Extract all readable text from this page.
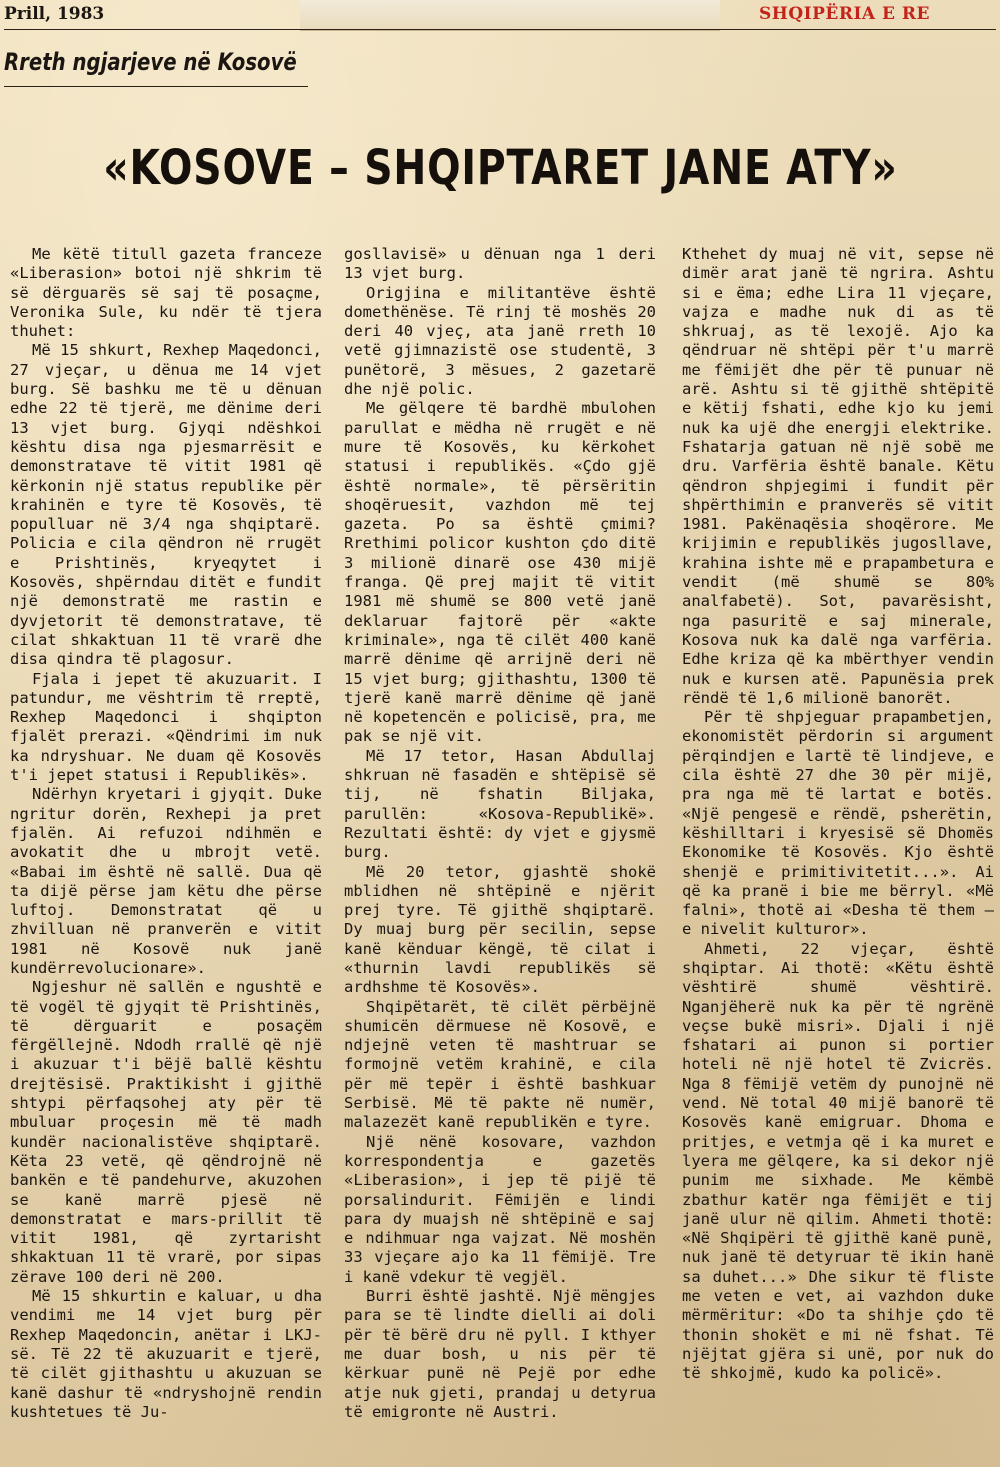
Prill, 1983	SHQIPËRIA E RE
Rreth ngjarjeve në Kosovë
«KOSOVE – SHQIPTARET JANE ATY»

Me këtë titull gazeta franceze «Liberasion» botoi një shkrim të së dërguarës së saj të posaçme, Veronika Sule, ku ndër të tjera thuhet:

Më 15 shkurt, Rexhep Maqedonci, 27 vjeçar, u dënua me 14 vjet burg. Së bashku me të u dënuan edhe 22 të tjerë, me dënime deri 13 vjet burg. Gjyqi ndëshkoi kështu disa nga pjesmarrësit e demonstratave të vitit 1981 që kërkonin një status republike për krahinën e tyre të Kosovës, të populluar në 3/4 nga shqiptarë. Policia e cila qëndron në rrugët e Prishtinës, kryeqytet i Kosovës, shpërndau ditët e fundit një demonstratë me rastin e dyvjetorit të demonstratave, të cilat shkaktuan 11 të vrarë dhe disa qindra të plagosur.

Fjala i jepet të akuzuarit. I patundur, me vështrim të rreptë, Rexhep Maqedonci i shqipton fjalët prerazi. «Qëndrimi im nuk ka ndryshuar. Ne duam që Kosovës t'i jepet statusi i Republikës».

Ndërhyn kryetari i gjyqit. Duke ngritur dorën, Rexhepi ja pret fjalën. Ai refuzoi ndihmën e avokatit dhe u mbrojt vetë. «Babai im është në sallë. Dua që ta dijë përse jam këtu dhe përse luftoj. Demonstratat që u zhvilluan në pranverën e vitit 1981 në Kosovë nuk janë kundërrevolucionare».

Ngjeshur në sallën e ngushtë e të vogël të gjyqit të Prishtinës, të dërguarit e posaçëm fërgëllejnë. Ndodh rrallë që një i akuzuar t'i bëjë ballë kështu drejtësisë. Praktikisht i gjithë shtypi përfaqsohej aty për të mbuluar proçesin më të madh kundër nacionalistëve shqiptarë. Këta 23 vetë, që qëndrojnë në bankën e të pandehurve, akuzohen se kanë marrë pjesë në demonstratat e mars-prillit të vitit 1981, që zyrtarisht shkaktuan 11 të vrarë, por sipas zërave 100 deri në 200.

Më 15 shkurtin e kaluar, u dha vendimi me 14 vjet burg për Rexhep Maqedoncin, anëtar i LKJ-së. Të 22 të akuzuarit e tjerë, të cilët gjithashtu u akuzuan se kanë dashur të «ndryshojnë rendin kushtetues të Ju-

gosllavisë» u dënuan nga 1 deri 13 vjet burg.

Origjina e militantëve është domethënëse. Të rinj të moshës 20 deri 40 vjeç, ata janë rreth 10 vetë gjimnazistë ose studentë, 3 punëtorë, 3 mësues, 2 gazetarë dhe një polic.

Me gëlqere të bardhë mbulohen parullat e mëdha në rrugët e në mure të Kosovës, ku kërkohet statusi i republikës. «Çdo gjë është normale», të përsëritin shoqëruesit, vazhdon më tej gazeta. Po sa është çmimi? Rrethimi policor kushton çdo ditë 3 milionë dinarë ose 430 mijë franga. Që prej majit të vitit 1981 më shumë se 800 vetë janë deklaruar fajtorë për «akte kriminale», nga të cilët 400 kanë marrë dënime që arrijnë deri në 15 vjet burg; gjithashtu, 1300 të tjerë kanë marrë dënime që janë në kopetencën e policisë, pra, me pak se një vit.

Më 17 tetor, Hasan Abdullaj shkruan në fasadën e shtëpisë së tij, në fshatin Biljaka, parullën: «Kosova-Republikë». Rezultati është: dy vjet e gjysmë burg.

Më 20 tetor, gjashtë shokë mblidhen në shtëpinë e njërit prej tyre. Të gjithë shqiptarë. Dy muaj burg për secilin, sepse kanë kënduar këngë, të cilat i «thurnin lavdi republikës së ardhshme të Kosovës».

Shqipëtarët, të cilët përbëjnë shumicën dërmuese në Kosovë, e ndjejnë veten të mashtruar se formojnë vetëm krahinë, e cila për më tepër i është bashkuar Serbisë. Më të pakte në numër, malazezët kanë republikën e tyre.

Një nënë kosovare, vazhdon korrespondentja e gazetës «Liberasion», i jep të pijë të porsalindurit. Fëmijën e lindi para dy muajsh në shtëpinë e saj e ndihmuar nga vajzat. Në moshën 33 vjeçare ajo ka 11 fëmijë. Tre i kanë vdekur të vegjël.

Burri është jashtë. Një mëngjes para se të lindte dielli ai doli për të bërë dru në pyll. I kthyer me duar bosh, u nis për të kërkuar punë në Pejë por edhe atje nuk gjeti, prandaj u detyrua të emigronte në Austri.

Kthehet dy muaj në vit, sepse në dimër arat janë të ngrira. Ashtu si e ëma; edhe Lira 11 vjeçare, vajza e madhe nuk di as të shkruaj, as të lexojë. Ajo ka qëndruar në shtëpi për t'u marrë me fëmijët dhe për të punuar në arë. Ashtu si të gjithë shtëpitë e këtij fshati, edhe kjo ku jemi nuk ka ujë dhe energji elektrike. Fshatarja gatuan në një sobë me dru. Varfëria është banale. Këtu qëndron shpjegimi i fundit për shpërthimin e pranverës së vitit 1981. Pakënaqësia shoqërore. Me krijimin e republikës jugosllave, krahina ishte më e prapambetura e vendit (më shumë se 80% analfabetë). Sot, pavarësisht, nga pasuritë e saj minerale, Kosova nuk ka dalë nga varfëria. Edhe kriza që ka mbërthyer vendin nuk e kursen atë. Papunësia prek rëndë të 1,6 milionë banorët.

Për të shpjeguar prapambetjen, ekonomistët përdorin si argument përqindjen e lartë të lindjeve, e cila është 27 dhe 30 për mijë, pra nga më të lartat e botës. «Një pengesë e rëndë, psherëtin, këshilltari i kryesisë së Dhomës Ekonomike të Kosovës. Kjo është shenjë e primitivitetit...». Ai që ka pranë i bie me bërryl. «Më falni», thotë ai «Desha të them — e nivelit kulturor».

Ahmeti, 22 vjeçar, është shqiptar. Ai thotë: «Këtu është vështirë shumë vështirë. Nganjëherë nuk ka për të ngrënë veçse bukë misri». Djali i një fshatari ai punon si portier hoteli në një hotel të Zvicrës. Nga 8 fëmijë vetëm dy punojnë në vend. Në total 40 mijë banorë të Kosovës kanë emigruar. Dhoma e pritjes, e vetmja që i ka muret e lyera me gëlqere, ka si dekor një punim me sixhade. Me këmbë zbathur katër nga fëmijët e tij janë ulur në qilim. Ahmeti thotë: «Në Shqipëri të gjithë kanë punë, nuk janë të detyruar të ikin hanë sa duhet...» Dhe sikur të fliste me veten e vet, ai vazhdon duke mërmëritur: «Do ta shihje çdo të thonin shokët e mi në fshat. Të njëjtat gjëra si unë, por nuk do të shkojmë, kudo ka policë».
